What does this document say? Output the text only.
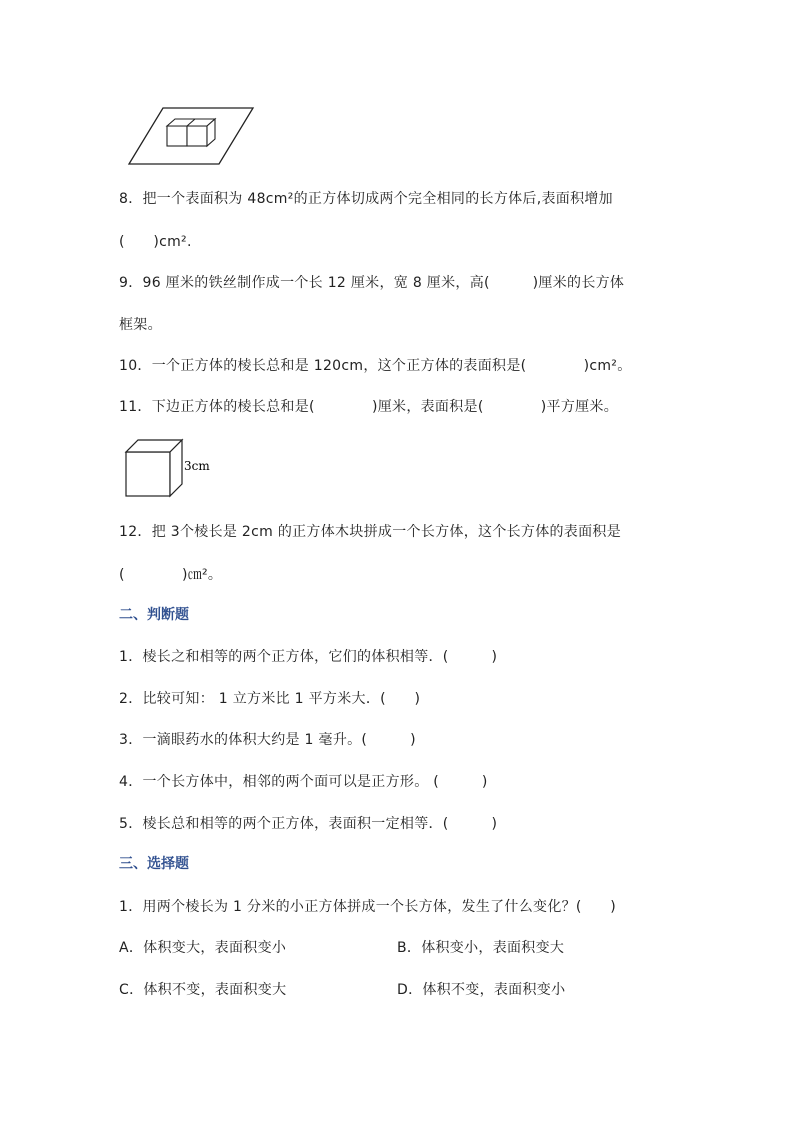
8．把一个表面积为 48cm²的正方体切成两个完全相同的长方体后,表面积增加
(　　)cm².
9．96 厘米的铁丝制作成一个长 12 厘米，宽 8 厘米，高(　　　)厘米的长方体
框架。
10．一个正方体的棱长总和是 120cm，这个正方体的表面积是(　　　　)cm²。
11．下边正方体的棱长总和是(　　　　)厘米，表面积是(　　　　)平方厘米。
3cm
12．把 3个棱长是 2cm 的正方体木块拼成一个长方体，这个长方体的表面积是
(　　　　)㎝²。
二、判断题
1．棱长之和相等的两个正方体，它们的体积相等．(　　　)
2．比较可知： 1 立方米比 1 平方米大．(　　)
3．一滴眼药水的体积大约是 1 毫升。(　　　)
4．一个长方体中，相邻的两个面可以是正方形。 (　　　)
5．棱长总和相等的两个正方体，表面积一定相等．(　　　)
三、选择题
1．用两个棱长为 1 分米的小正方体拼成一个长方体，发生了什么变化？(　　)
A．体积变大，表面积变小	B．体积变小，表面积变大
C．体积不变，表面积变大	D．体积不变，表面积变小
